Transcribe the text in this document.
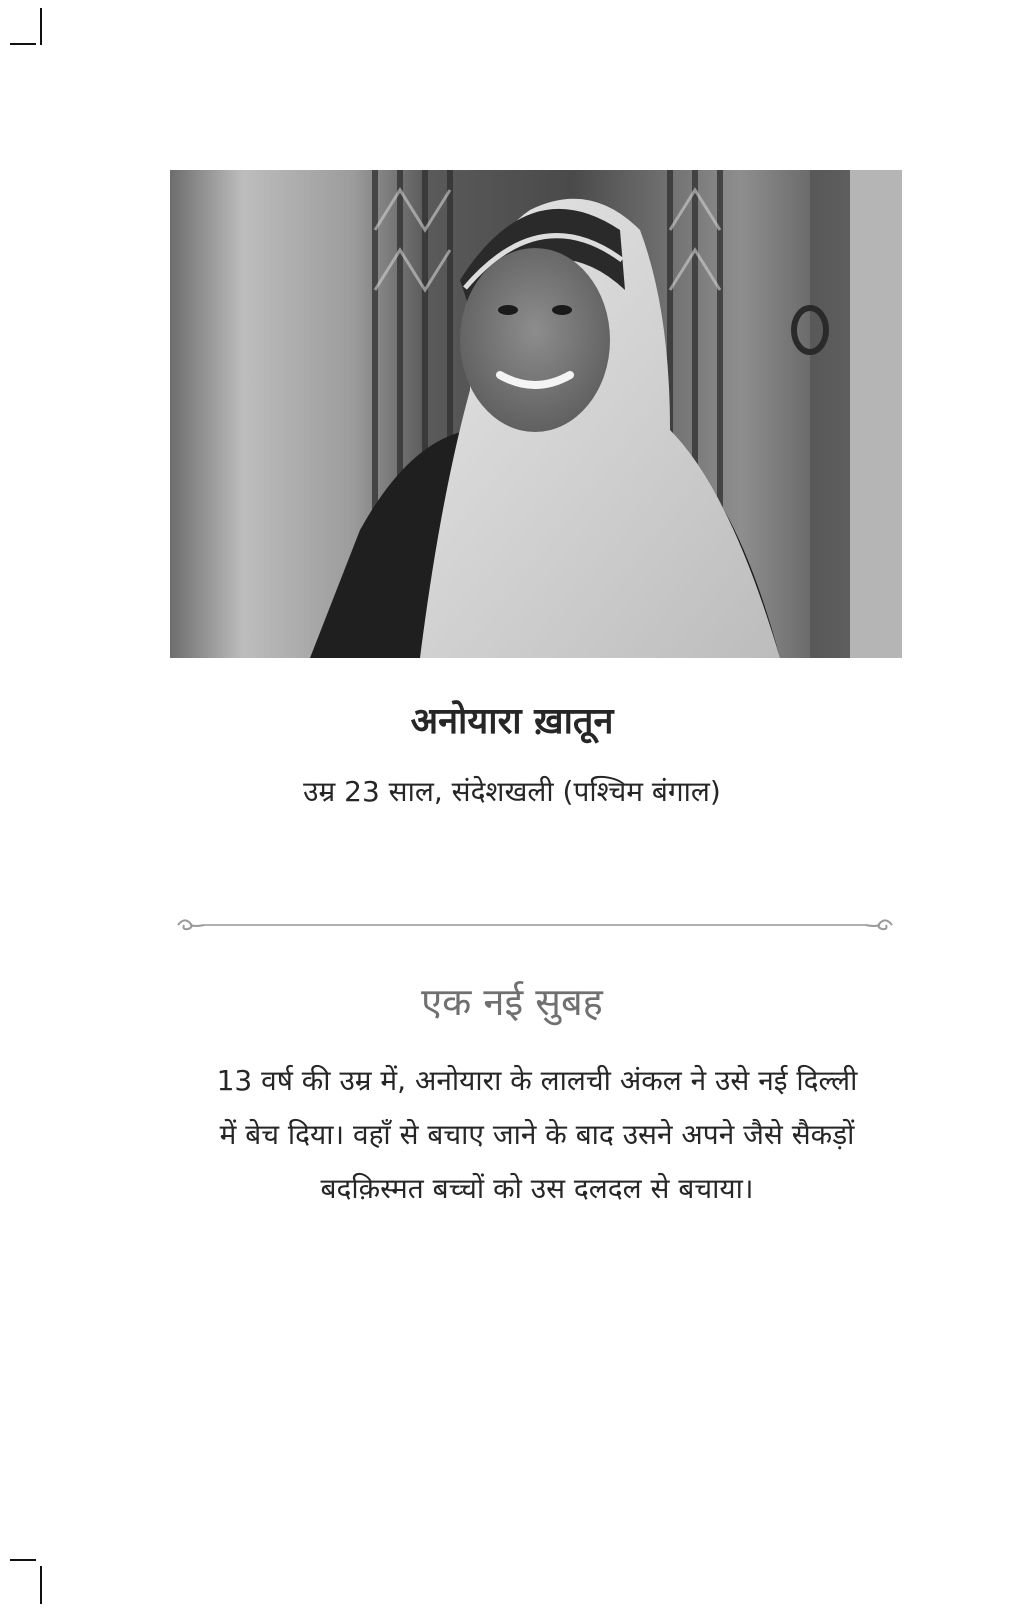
अनोयारा ख़ातून
उम्र 23 साल, संदेशखली (पश्चिम बंगाल)
एक नई सुबह
13 वर्ष की उम्र में, अनोयारा के लालची अंकल ने उसे नई दिल्ली
में बेच दिया। वहाँ से बचाए जाने के बाद उसने अपने जैसे सैकड़ों
बदक़िस्मत बच्चों को उस दलदल से बचाया।
